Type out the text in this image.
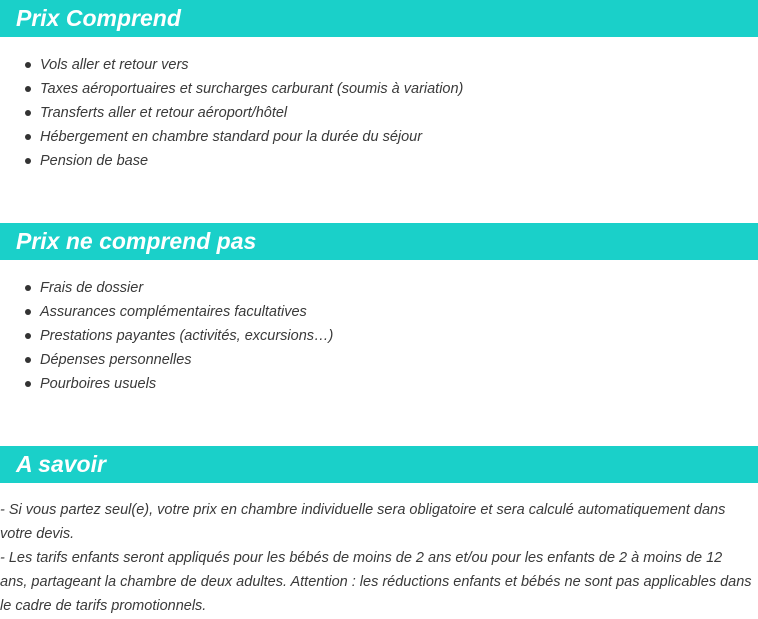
Prix Comprend
Vols aller et retour vers
Taxes aéroportuaires et surcharges carburant (soumis à variation)
Transferts aller et retour aéroport/hôtel
Hébergement en chambre standard pour la durée du séjour
Pension de base
Prix ne comprend pas
Frais de dossier
Assurances complémentaires facultatives
Prestations payantes (activités, excursions…)
Dépenses personnelles
Pourboires usuels
A savoir

- Si vous partez seul(e), votre prix en chambre individuelle sera obligatoire et sera calculé automatiquement dans votre devis.

- Les tarifs enfants seront appliqués pour les bébés de moins de 2 ans et/ou pour les enfants de 2 à moins de 12 ans, partageant la chambre de deux adultes. Attention : les réductions enfants et bébés ne sont pas applicables dans le cadre de tarifs promotionnels.
